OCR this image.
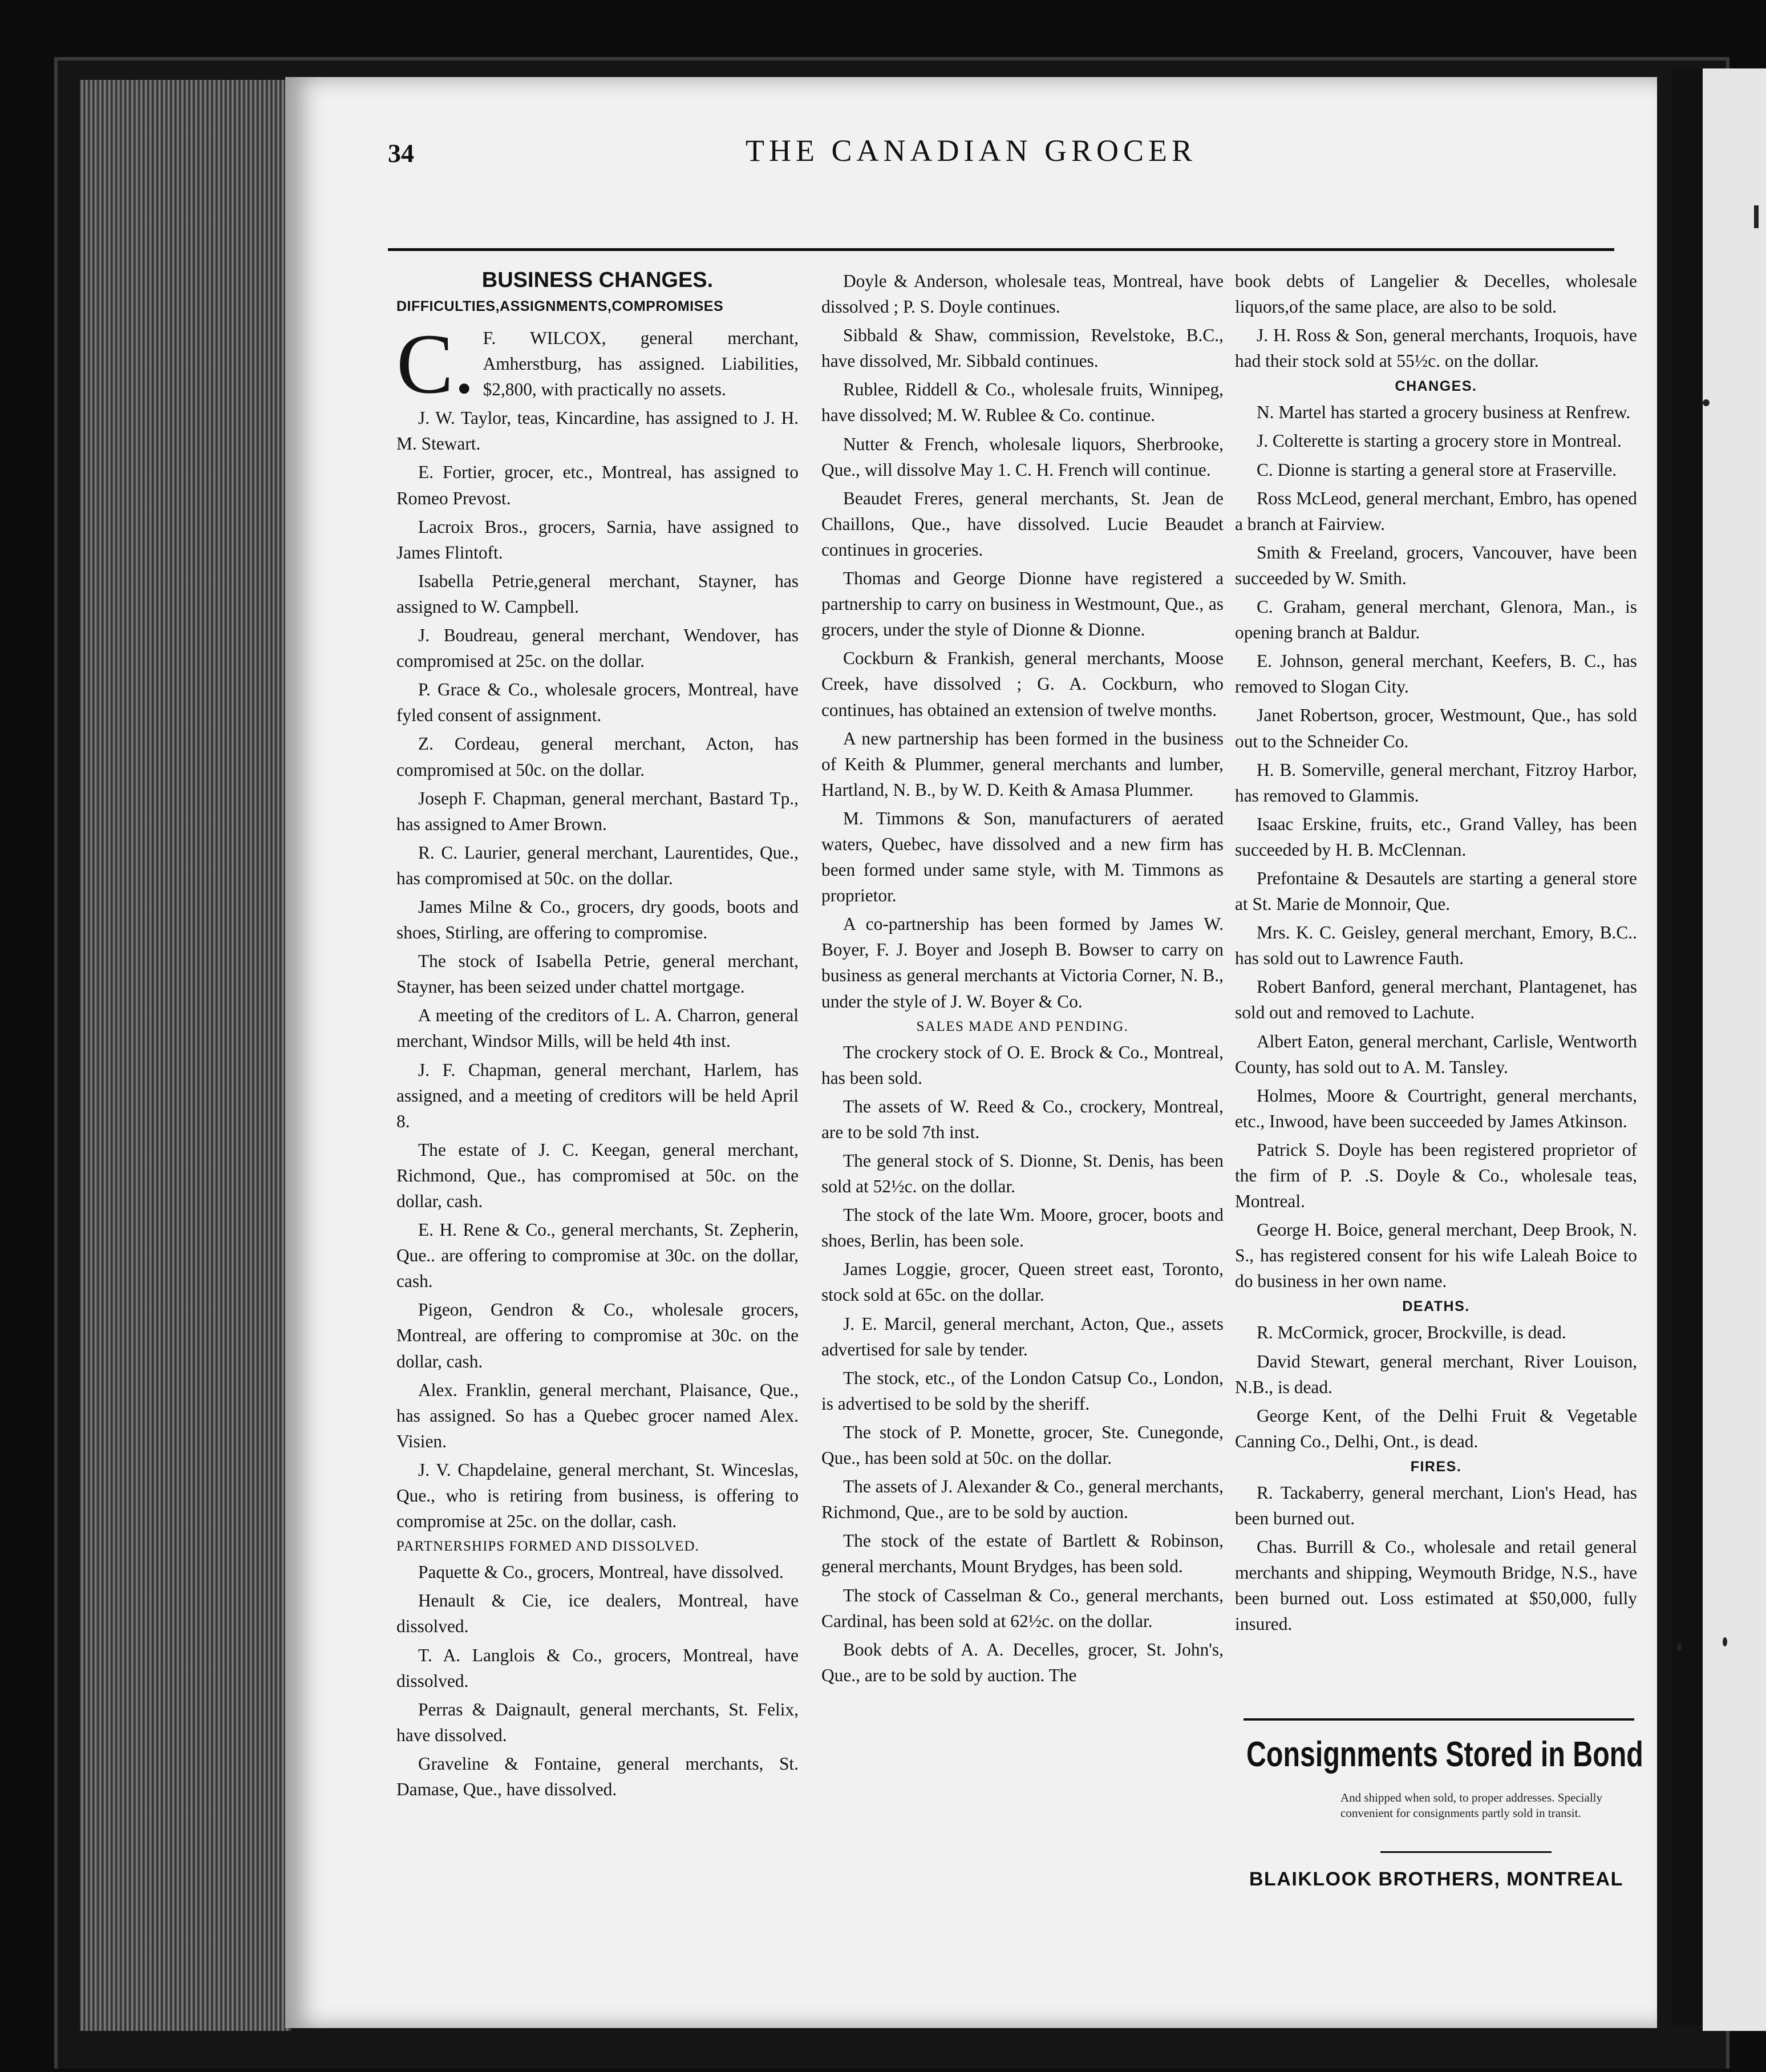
34	THE CANADIAN GROCER
BUSINESS CHANGES.
DIFFICULTIES,ASSIGNMENTS,COMPROMISES

C. F. WILCOX, general merchant, Amherstburg, has assigned. Liabilities, $2,800, with practically no assets.

J. W. Taylor, teas, Kincardine, has assigned to J. H. M. Stewart.

E. Fortier, grocer, etc., Montreal, has assigned to Romeo Prevost.

Lacroix Bros., grocers, Sarnia, have assigned to James Flintoft.

Isabella Petrie,general merchant, Stayner, has assigned to W. Campbell.

J. Boudreau, general merchant, Wendover, has compromised at 25c. on the dollar.

P. Grace & Co., wholesale grocers, Montreal, have fyled consent of assignment.

Z. Cordeau, general merchant, Acton, has compromised at 50c. on the dollar.

Joseph F. Chapman, general merchant, Bastard Tp., has assigned to Amer Brown.

R. C. Laurier, general merchant, Laurentides, Que., has compromised at 50c. on the dollar.

James Milne & Co., grocers, dry goods, boots and shoes, Stirling, are offering to compromise.

The stock of Isabella Petrie, general merchant, Stayner, has been seized under chattel mortgage.

A meeting of the creditors of L. A. Charron, general merchant, Windsor Mills, will be held 4th inst.

J. F. Chapman, general merchant, Harlem, has assigned, and a meeting of creditors will be held April 8.

The estate of J. C. Keegan, general merchant, Richmond, Que., has compromised at 50c. on the dollar, cash.

E. H. Rene & Co., general merchants, St. Zepherin, Que.. are offering to compromise at 30c. on the dollar, cash.

Pigeon, Gendron & Co., wholesale grocers, Montreal, are offering to compromise at 30c. on the dollar, cash.

Alex. Franklin, general merchant, Plaisance, Que., has assigned. So has a Quebec grocer named Alex. Visien.

J. V. Chapdelaine, general merchant, St. Winceslas, Que., who is retiring from business, is offering to compromise at 25c. on the dollar, cash.

PARTNERSHIPS FORMED AND DISSOLVED.

Paquette & Co., grocers, Montreal, have dissolved.

Henault & Cie, ice dealers, Montreal, have dissolved.

T. A. Langlois & Co., grocers, Montreal, have dissolved.

Perras & Daignault, general merchants, St. Felix, have dissolved.

Graveline & Fontaine, general merchants, St. Damase, Que., have dissolved.

Doyle & Anderson, wholesale teas, Montreal, have dissolved ; P. S. Doyle continues.

Sibbald & Shaw, commission, Revelstoke, B.C., have dissolved, Mr. Sibbald continues.

Rublee, Riddell & Co., wholesale fruits, Winnipeg, have dissolved; M. W. Rublee & Co. continue.

Nutter & French, wholesale liquors, Sherbrooke, Que., will dissolve May 1. C. H. French will continue.

Beaudet Freres, general merchants, St. Jean de Chaillons, Que., have dissolved. Lucie Beaudet continues in groceries.

Thomas and George Dionne have registered a partnership to carry on business in Westmount, Que., as grocers, under the style of Dionne & Dionne.

Cockburn & Frankish, general merchants, Moose Creek, have dissolved ; G. A. Cockburn, who continues, has obtained an extension of twelve months.

A new partnership has been formed in the business of Keith & Plummer, general merchants and lumber, Hartland, N. B., by W. D. Keith & Amasa Plummer.

M. Timmons & Son, manufacturers of aerated waters, Quebec, have dissolved and a new firm has been formed under same style, with M. Timmons as proprietor.

A co-partnership has been formed by James W. Boyer, F. J. Boyer and Joseph B. Bowser to carry on business as general merchants at Victoria Corner, N. B., under the style of J. W. Boyer & Co.

SALES MADE AND PENDING.

The crockery stock of O. E. Brock & Co., Montreal, has been sold.

The assets of W. Reed & Co., crockery, Montreal, are to be sold 7th inst.

The general stock of S. Dionne, St. Denis, has been sold at 52½c. on the dollar.

The stock of the late Wm. Moore, grocer, boots and shoes, Berlin, has been sole.

James Loggie, grocer, Queen street east, Toronto, stock sold at 65c. on the dollar.

J. E. Marcil, general merchant, Acton, Que., assets advertised for sale by tender.

The stock, etc., of the London Catsup Co., London, is advertised to be sold by the sheriff.

The stock of P. Monette, grocer, Ste. Cunegonde, Que., has been sold at 50c. on the dollar.

The assets of J. Alexander & Co., general merchants, Richmond, Que., are to be sold by auction.

The stock of the estate of Bartlett & Robinson, general merchants, Mount Brydges, has been sold.

The stock of Casselman & Co., general merchants, Cardinal, has been sold at 62½c. on the dollar.

Book debts of A. A. Decelles, grocer, St. John's, Que., are to be sold by auction. The

book debts of Langelier & Decelles, wholesale liquors,of the same place, are also to be sold.

J. H. Ross & Son, general merchants, Iroquois, have had their stock sold at 55½c. on the dollar.

CHANGES.

N. Martel has started a grocery business at Renfrew.

J. Colterette is starting a grocery store in Montreal.

C. Dionne is starting a general store at Fraserville.

Ross McLeod, general merchant, Embro, has opened a branch at Fairview.

Smith & Freeland, grocers, Vancouver, have been succeeded by W. Smith.

C. Graham, general merchant, Glenora, Man., is opening branch at Baldur.

E. Johnson, general merchant, Keefers, B. C., has removed to Slogan City.

Janet Robertson, grocer, Westmount, Que., has sold out to the Schneider Co.

H. B. Somerville, general merchant, Fitzroy Harbor, has removed to Glammis.

Isaac Erskine, fruits, etc., Grand Valley, has been succeeded by H. B. McClennan.

Prefontaine & Desautels are starting a general store at St. Marie de Monnoir, Que.

Mrs. K. C. Geisley, general merchant, Emory, B.C.. has sold out to Lawrence Fauth.

Robert Banford, general merchant, Plantagenet, has sold out and removed to Lachute.

Albert Eaton, general merchant, Carlisle, Wentworth County, has sold out to A. M. Tansley.

Holmes, Moore & Courtright, general merchants, etc., Inwood, have been succeeded by James Atkinson.

Patrick S. Doyle has been registered proprietor of the firm of P. .S. Doyle & Co., wholesale teas, Montreal.

George H. Boice, general merchant, Deep Brook, N. S., has registered consent for his wife Laleah Boice to do business in her own name.

DEATHS.

R. McCormick, grocer, Brockville, is dead.

David Stewart, general merchant, River Louison, N.B., is dead.

George Kent, of the Delhi Fruit & Vegetable Canning Co., Delhi, Ont., is dead.

FIRES.

R. Tackaberry, general merchant, Lion's Head, has been burned out.

Chas. Burrill & Co., wholesale and retail general merchants and shipping, Weymouth Bridge, N.S., have been burned out. Loss estimated at $50,000, fully insured.

Consignments Stored in Bond
And shipped when sold, to proper addresses. Specially convenient for consignments partly sold in transit.
BLAIKLOOK BROTHERS, MONTREAL
